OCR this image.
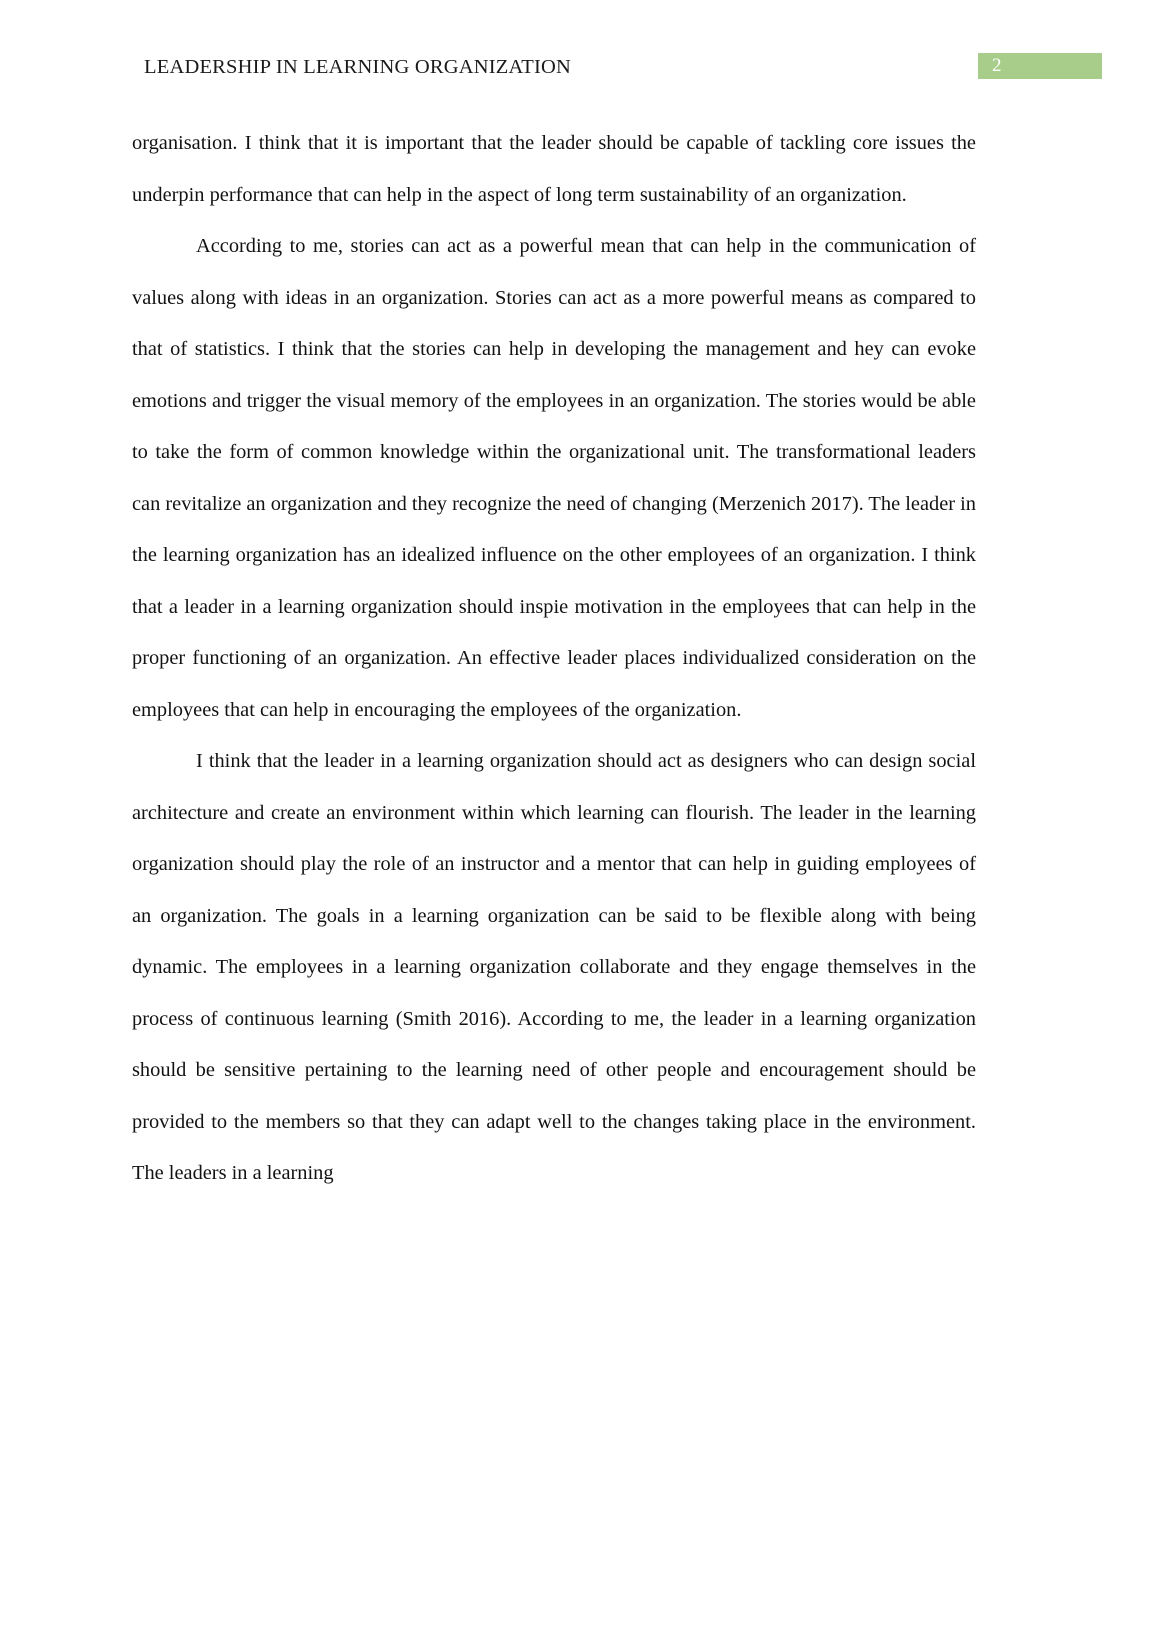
LEADERSHIP IN LEARNING ORGANIZATION	2

organisation. I think that it is important that the leader should be capable of tackling core issues the underpin performance that can help in the aspect of long term sustainability of an organization.

According to me, stories can act as a powerful mean that can help in the communication of values along with ideas in an organization. Stories can act as a more powerful means as compared to that of statistics. I think that the stories can help in developing the management and hey can evoke emotions and trigger the visual memory of the employees in an organization. The stories would be able to take the form of common knowledge within the organizational unit. The transformational leaders can revitalize an organization and they recognize the need of changing (Merzenich 2017). The leader in the learning organization has an idealized influence on the other employees of an organization. I think that a leader in a learning organization should inspie motivation in the employees that can help in the proper functioning of an organization. An effective leader places individualized consideration on the employees that can help in encouraging the employees of the organization.

I think that the leader in a learning organization should act as designers who can design social architecture and create an environment within which learning can flourish. The leader in the learning organization should play the role of an instructor and a mentor that can help in guiding employees of an organization. The goals in a learning organization can be said to be flexible along with being dynamic. The employees in a learning organization collaborate and they engage themselves in the process of continuous learning (Smith 2016). According to me, the leader in a learning organization should be sensitive pertaining to the learning need of other people and encouragement should be provided to the members so that they can adapt well to the changes taking place in the environment. The leaders in a learning
